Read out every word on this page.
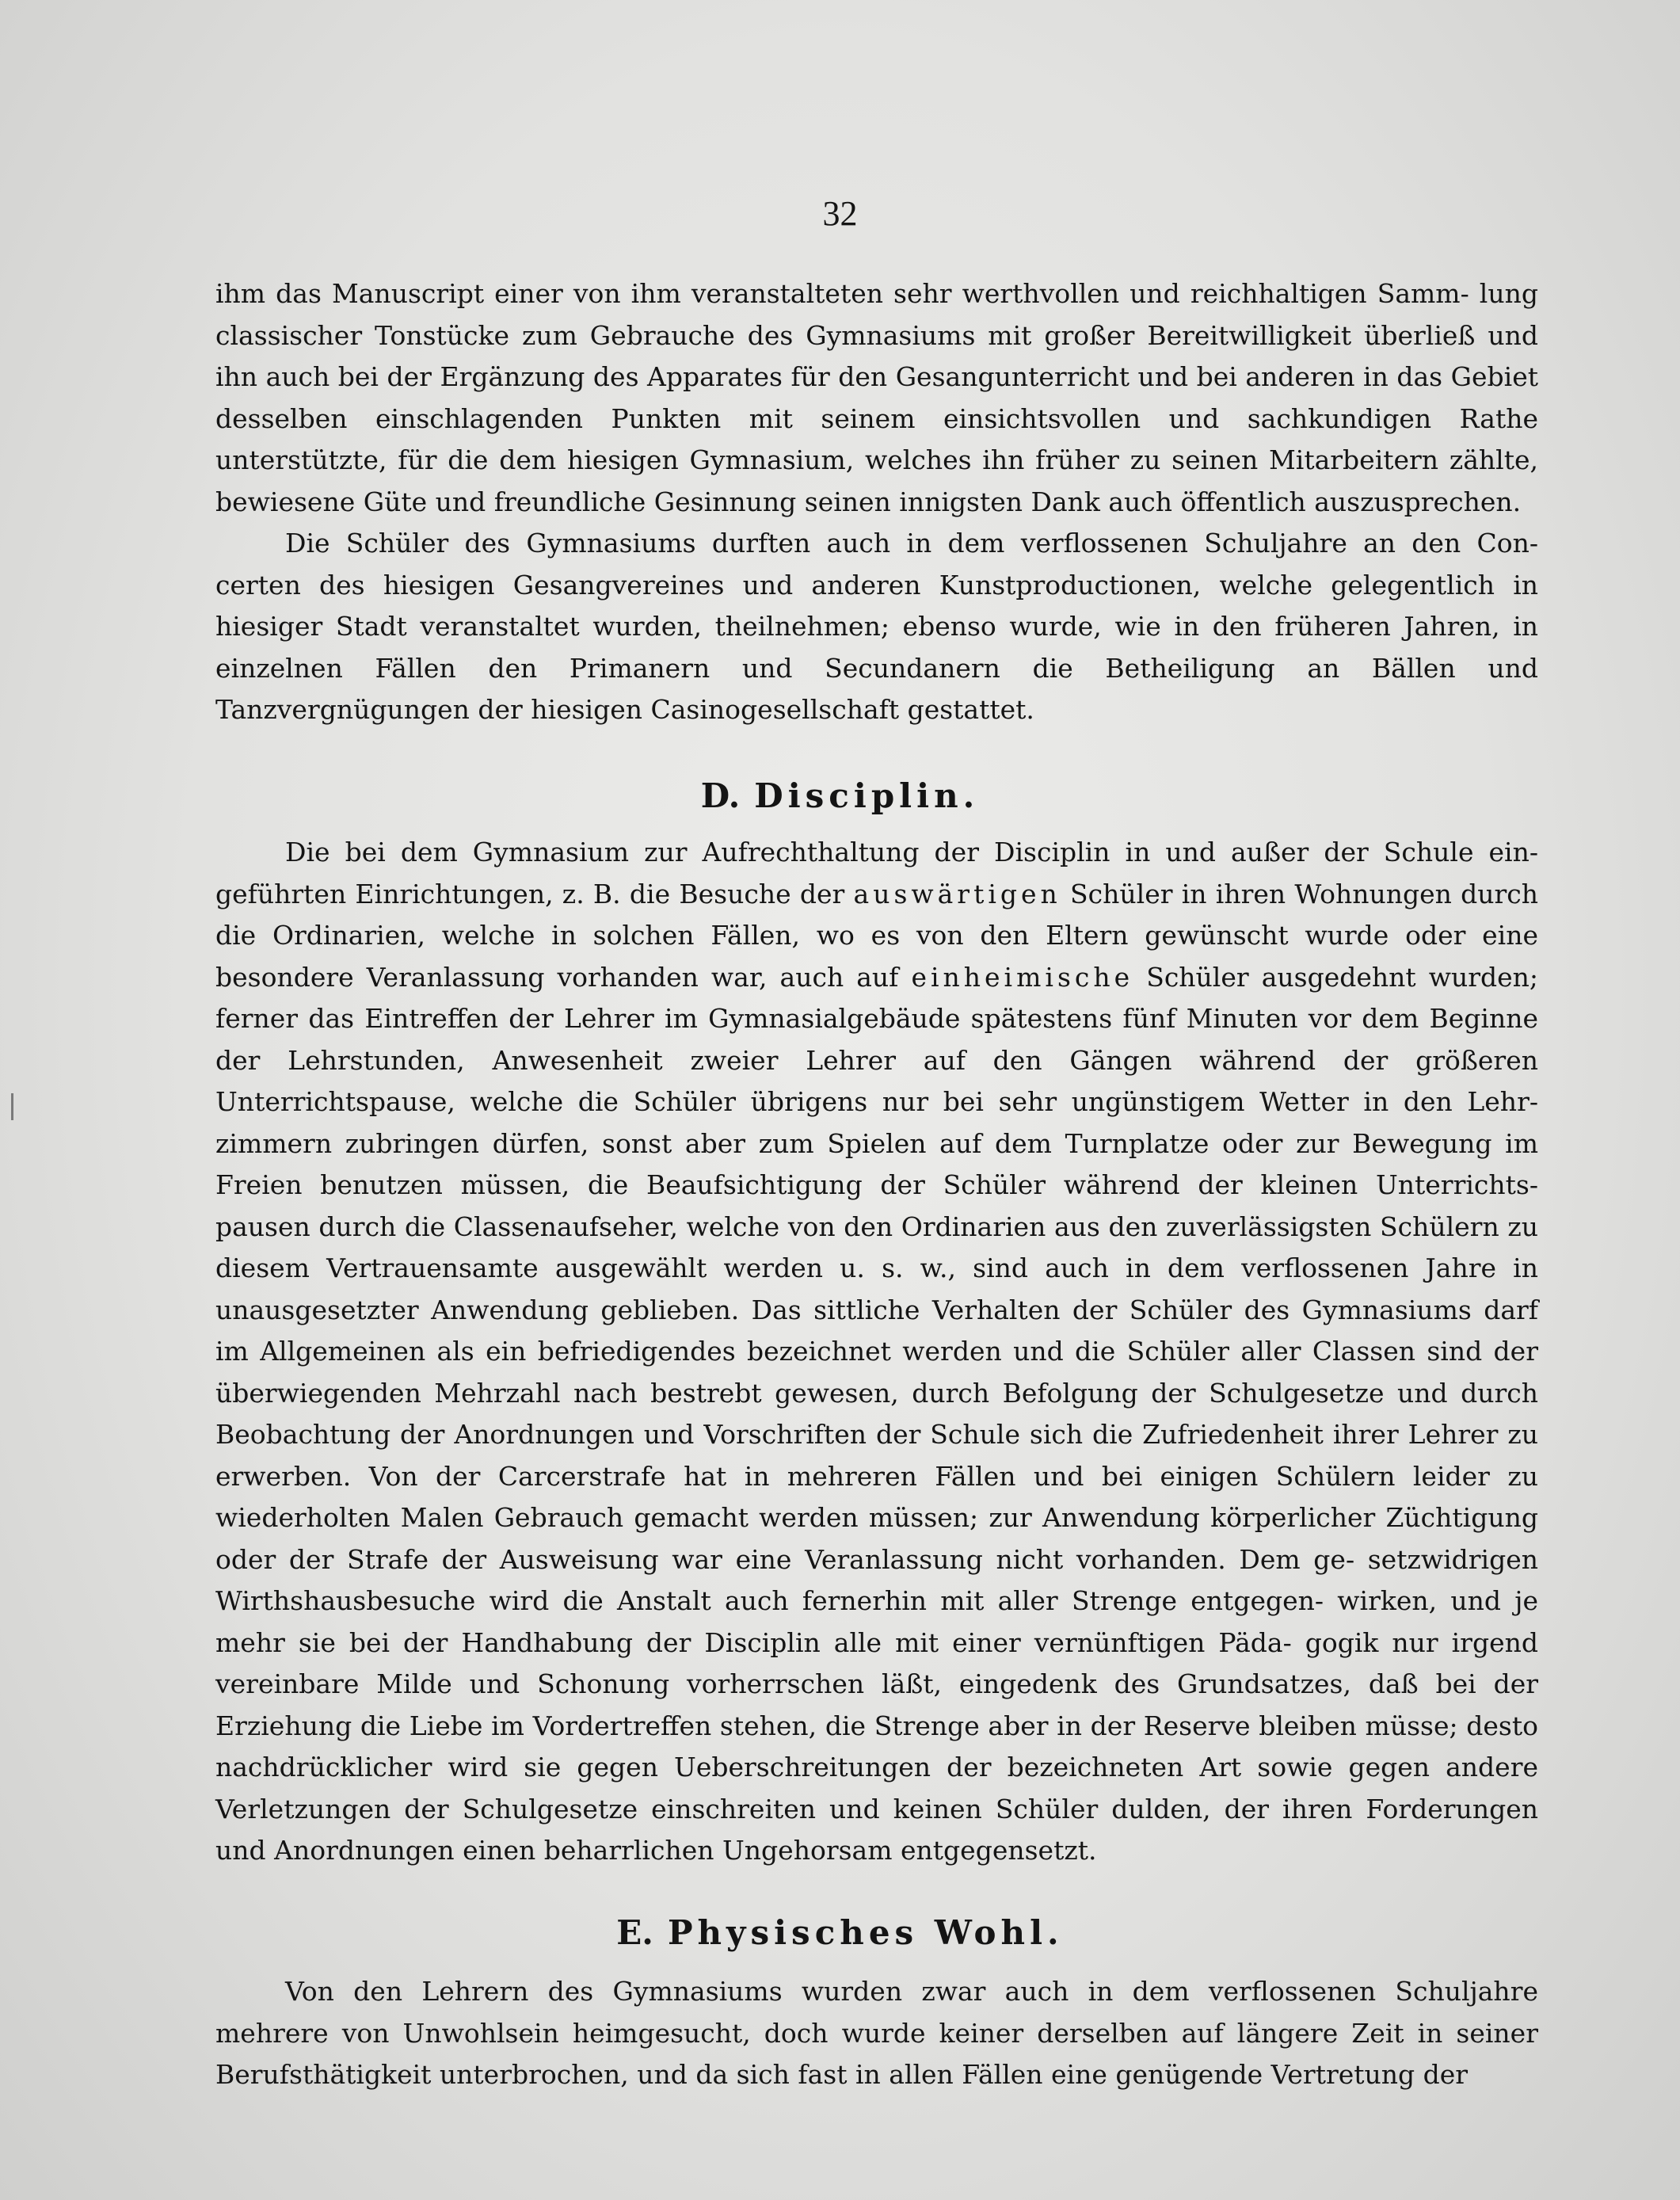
32

ihm das Manuscript einer von ihm veranstalteten sehr werthvollen und reichhaltigen Samm- lung classischer Tonstücke zum Gebrauche des Gymnasiums mit großer Bereitwilligkeit überließ und ihn auch bei der Ergänzung des Apparates für den Gesangunterricht und bei anderen in das Gebiet desselben einschlagenden Punkten mit seinem einsichtsvollen und sachkundigen Rathe unterstützte, für die dem hiesigen Gymnasium, welches ihn früher zu seinen Mitarbeitern zählte, bewiesene Güte und freundliche Gesinnung seinen innigsten Dank auch öffentlich auszusprechen.

Die Schüler des Gymnasiums durften auch in dem verflossenen Schuljahre an den Con- certen des hiesigen Gesangvereines und anderen Kunstproductionen, welche gelegentlich in hiesiger Stadt veranstaltet wurden, theilnehmen; ebenso wurde, wie in den früheren Jahren, in einzelnen Fällen den Primanern und Secundanern die Betheiligung an Bällen und Tanzvergnügungen der hiesigen Casinogesellschaft gestattet.

D. Disciplin.

Die bei dem Gymnasium zur Aufrechthaltung der Disciplin in und außer der Schule ein- geführten Einrichtungen, z. B. die Besuche der auswärtigen Schüler in ihren Wohnungen durch die Ordinarien, welche in solchen Fällen, wo es von den Eltern gewünscht wurde oder eine besondere Veranlassung vorhanden war, auch auf einheimische Schüler ausgedehnt wurden; ferner das Eintreffen der Lehrer im Gymnasialgebäude spätestens fünf Minuten vor dem Beginne der Lehrstunden, Anwesenheit zweier Lehrer auf den Gängen während der größeren Unterrichtspause, welche die Schüler übrigens nur bei sehr ungünstigem Wetter in den Lehr- zimmern zubringen dürfen, sonst aber zum Spielen auf dem Turnplatze oder zur Bewegung im Freien benutzen müssen, die Beaufsichtigung der Schüler während der kleinen Unterrichts- pausen durch die Classenaufseher, welche von den Ordinarien aus den zuverlässigsten Schülern zu diesem Vertrauensamte ausgewählt werden u. s. w., sind auch in dem verflossenen Jahre in unausgesetzter Anwendung geblieben. Das sittliche Verhalten der Schüler des Gymnasiums darf im Allgemeinen als ein befriedigendes bezeichnet werden und die Schüler aller Classen sind der überwiegenden Mehrzahl nach bestrebt gewesen, durch Befolgung der Schulgesetze und durch Beobachtung der Anordnungen und Vorschriften der Schule sich die Zufriedenheit ihrer Lehrer zu erwerben. Von der Carcerstrafe hat in mehreren Fällen und bei einigen Schülern leider zu wiederholten Malen Gebrauch gemacht werden müssen; zur Anwendung körperlicher Züchtigung oder der Strafe der Ausweisung war eine Veranlassung nicht vorhanden. Dem ge- setzwidrigen Wirthshausbesuche wird die Anstalt auch fernerhin mit aller Strenge entgegen- wirken, und je mehr sie bei der Handhabung der Disciplin alle mit einer vernünftigen Päda- gogik nur irgend vereinbare Milde und Schonung vorherrschen läßt, eingedenk des Grundsatzes, daß bei der Erziehung die Liebe im Vordertreffen stehen, die Strenge aber in der Reserve bleiben müsse; desto nachdrücklicher wird sie gegen Ueberschreitungen der bezeichneten Art sowie gegen andere Verletzungen der Schulgesetze einschreiten und keinen Schüler dulden, der ihren Forderungen und Anordnungen einen beharrlichen Ungehorsam entgegensetzt.

E. Physisches Wohl.

Von den Lehrern des Gymnasiums wurden zwar auch in dem verflossenen Schuljahre mehrere von Unwohlsein heimgesucht, doch wurde keiner derselben auf längere Zeit in seiner Berufsthätigkeit unterbrochen, und da sich fast in allen Fällen eine genügende Vertretung der
